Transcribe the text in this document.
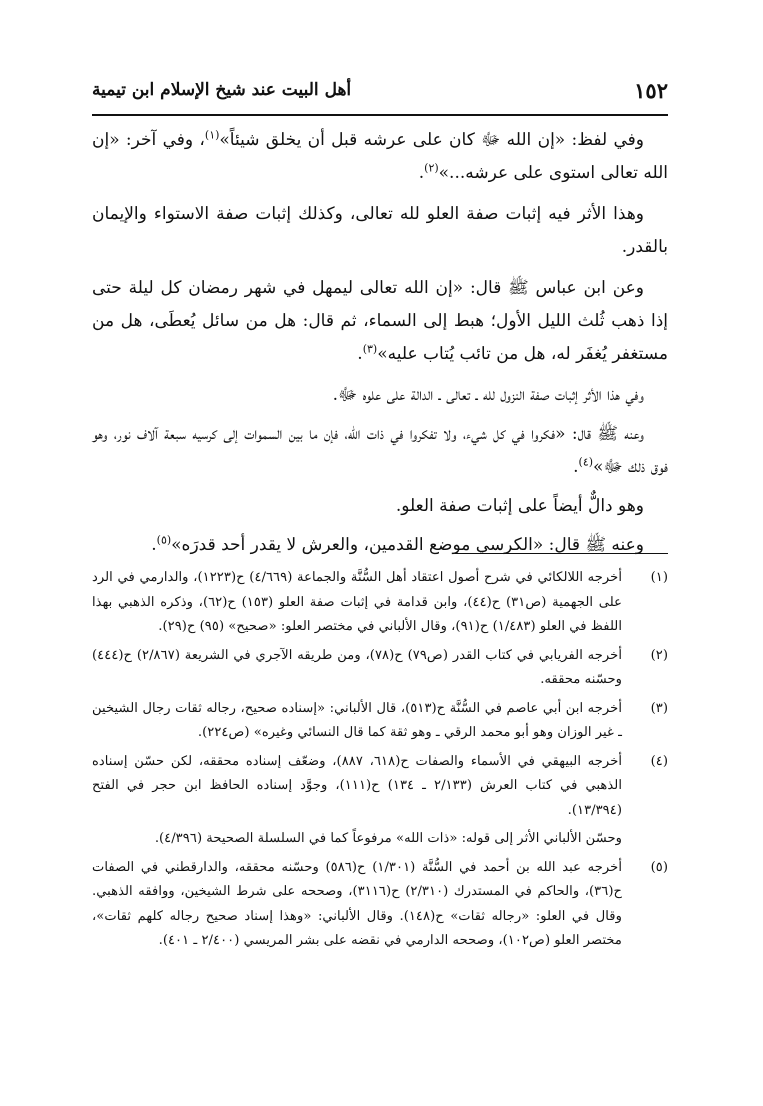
١٥٢
أهل البيت عند شيخ الإسلام ابن تيمية

وفي لفظ: «إن الله ﷻ كان على عرشه قبل أن يخلق شيئاً»$^{(١)}$، وفي آخر: «إن الله تعالى استوى على عرشه...»$^{(٢)}$.

وهذا الأثر فيه إثبات صفة العلو لله تعالى، وكذلك إثبات صفة الاستواء والإيمان بالقدر.

وعن ابن عباس ﷺ قال: «إن الله تعالى ليمهل في شهر رمضان كل ليلة حتى إذا ذهب ثُلث الليل الأول؛ هبط إلى السماء، ثم قال: هل من سائل يُعطَى، هل من مستغفر يُغفَر له، هل من تائب يُتاب عليه»$^{(٣)}$.

وفي هذا الأثر إثبات صفة النزول لله ـ تعالى ـ الدالة على علوه ﷻ.

وعنه ﷺ قال: «فكروا في كل شيء، ولا تفكروا في ذات الله، فإن ما بين السموات إلى كرسيه سبعة آلاف نور، وهو فوق ذلك ﷻ»$^{(٤)}$.

وهو دالٌّ أيضاً على إثبات صفة العلو.

وعنه ﷺ قال: «الكرسي موضع القدمين، والعرش لا يقدر أحد قدرَه»$^{(٥)}$.

(١)
أخرجه اللالكائي في شرح أصول اعتقاد أهل السُّنَّة والجماعة (٤/٦٦٩) ح(١٢٢٣)، والدارمي في الرد على الجهمية (ص٣١) ح(٤٤)، وابن قدامة في إثبات صفة العلو (١٥٣) ح(٦٢)، وذكره الذهبي بهذا اللفظ في العلو (١/٤٨٣) ح(٩١)، وقال الألباني في مختصر العلو: «صحيح» (٩٥) ح(٢٩).
(٢)
أخرجه الفريابي في كتاب القدر (ص٧٩) ح(٧٨)، ومن طريقه الآجري في الشريعة (٢/٨٦٧) ح(٤٤٤) وحسّنه محققه.
(٣)
أخرجه ابن أبي عاصم في السُّنَّة ح(٥١٣)، قال الألباني: «إسناده صحيح، رجاله ثقات رجال الشيخين ـ غير الوزان وهو أبو محمد الرقي ـ وهو ثقة كما قال النسائي وغيره» (ص٢٢٤).
(٤)
أخرجه البيهقي في الأسماء والصفات ح(٦١٨، ٨٨٧)، وضعّف إسناده محققه، لكن حسّن إسناده الذهبي في كتاب العرش (٢/١٣٣ ـ ١٣٤) ح(١١١)، وجوَّد إسناده الحافظ ابن حجر في الفتح (١٣/٣٩٤).
وحسّن الألباني الأثر إلى قوله: «ذات الله» مرفوعاً كما في السلسلة الصحيحة (٤/٣٩٦).
(٥)
أخرجه عبد الله بن أحمد في السُّنَّة (١/٣٠١) ح(٥٨٦) وحسّنه محققه، والدارقطني في الصفات ح(٣٦)، والحاكم في المستدرك (٢/٣١٠) ح(٣١١٦)، وصححه على شرط الشيخين، ووافقه الذهبي. وقال في العلو: «رجاله ثقات» ح(١٤٨). وقال الألباني: «وهذا إسناد صحيح رجاله كلهم ثقات»، مختصر العلو (ص١٠٢)، وصححه الدارمي في نقضه على بشر المريسي (٢/٤٠٠ ـ ٤٠١).
